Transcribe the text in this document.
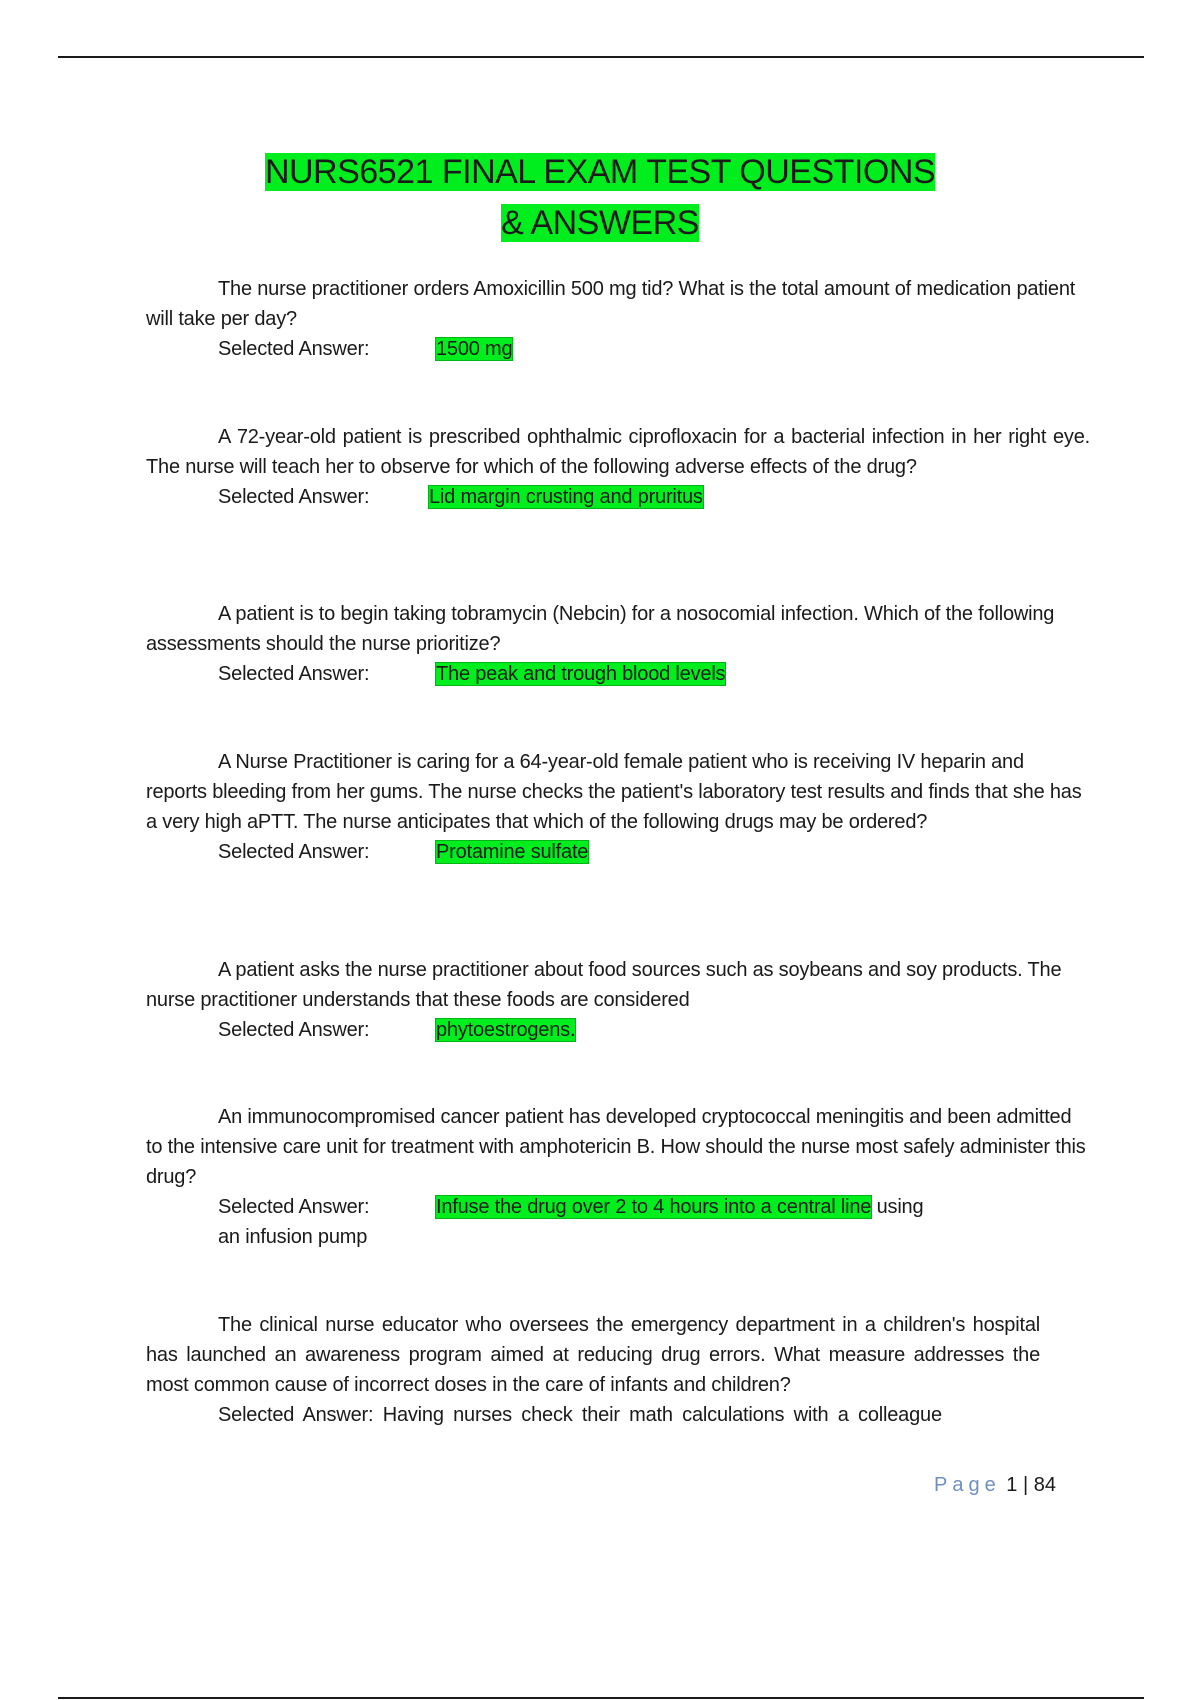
NURS6521 FINAL EXAM TEST QUESTIONS
& ANSWERS

The nurse practitioner orders Amoxicillin 500 mg tid? What is the total amount of medication patient will take per day?

Selected Answer:	1500 mg

A 72-year-old patient is prescribed ophthalmic ciprofloxacin for a bacterial infection in her right eye. The nurse will teach her to observe for which of the following adverse effects of the drug?

Selected Answer:	Lid margin crusting and pruritus

A patient is to begin taking tobramycin (Nebcin) for a nosocomial infection. Which of the following assessments should the nurse prioritize?

Selected Answer:	The peak and trough blood levels

A Nurse Practitioner is caring for a 64-year-old female patient who is receiving IV heparin and reports bleeding from her gums. The nurse checks the patient's laboratory test results and finds that she has a very high aPTT. The nurse anticipates that which of the following drugs may be ordered?

Selected Answer:	Protamine sulfate

A patient asks the nurse practitioner about food sources such as soybeans and soy products. The nurse practitioner understands that these foods are considered

Selected Answer:	phytoestrogens.

An immunocompromised cancer patient has developed cryptococcal meningitis and been admitted to the intensive care unit for treatment with amphotericin B. How should the nurse most safely administer this drug?

Selected Answer:	Infuse the drug over 2 to 4 hours into a central line using

an infusion pump

The clinical nurse educator who oversees the emergency department in a children's hospital has launched an awareness program aimed at reducing drug errors. What measure addresses the most common cause of incorrect doses in the care of infants and children?

Selected Answer: Having nurses check their math calculations with a colleague
Page 1 | 84
